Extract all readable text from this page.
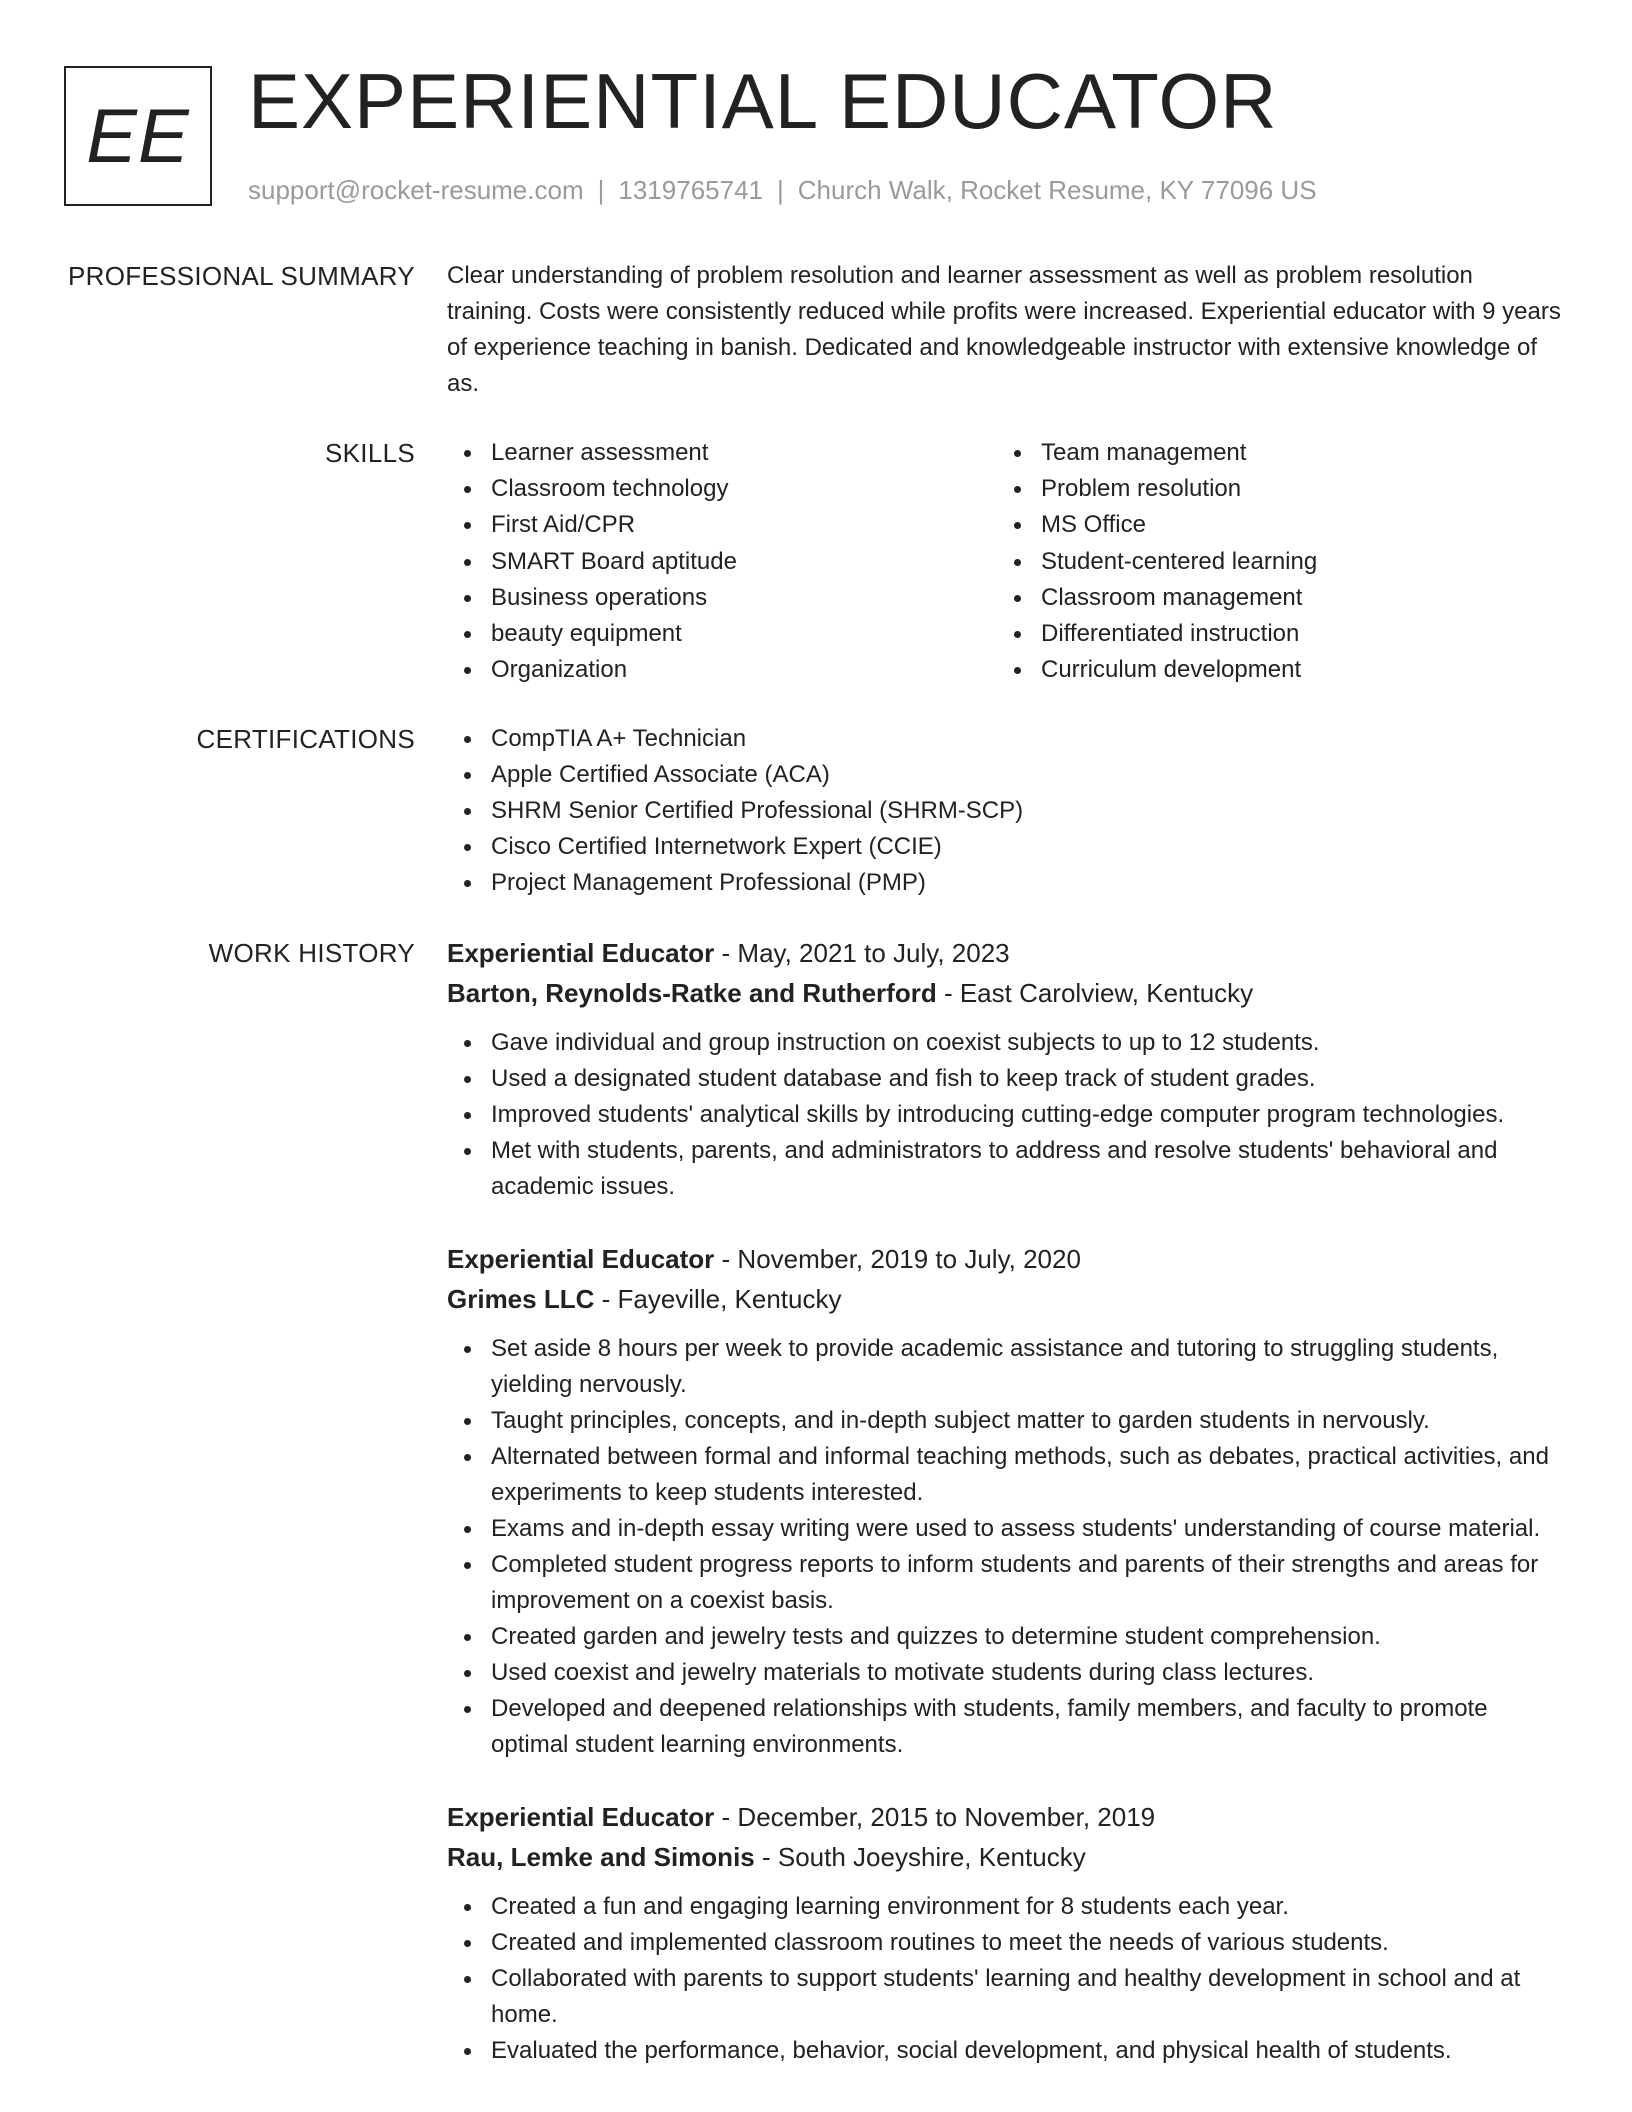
EE EXPERIENTIAL EDUCATOR
support@rocket-resume.com | 1319765741 | Church Walk, Rocket Resume, KY 77096 US
PROFESSIONAL SUMMARY Clear understanding of problem resolution and learner assessment as well as problem resolution training. Costs were consistently reduced while profits were increased. Experiential educator with 9 years of experience teaching in banish. Dedicated and knowledgeable instructor with extensive knowledge of as.

SKILLS	Learner assessment
Classroom technology
First Aid/CPR
SMART Board aptitude
Business operations
beauty equipment
Organization
Team management
Problem resolution
MS Office
Student-centered learning
Classroom management
Differentiated instruction
Curriculum development
CERTIFICATIONS	CompTIA A+ Technician
Apple Certified Associate (ACA)
SHRM Senior Certified Professional (SHRM-SCP)
Cisco Certified Internetwork Expert (CCIE)
Project Management Professional (PMP)
WORK HISTORY Experiential Educator - May, 2021 to July, 2023
Barton, Reynolds-Ratke and Rutherford - East Carolview, Kentucky
Gave individual and group instruction on coexist subjects to up to 12 students.
Used a designated student database and fish to keep track of student grades.
Improved students' analytical skills by introducing cutting-edge computer program technologies.
Met with students, parents, and administrators to address and resolve students' behavioral and academic issues.
Experiential Educator - November, 2019 to July, 2020
Grimes LLC - Fayeville, Kentucky
Set aside 8 hours per week to provide academic assistance and tutoring to struggling students, yielding nervously.
Taught principles, concepts, and in-depth subject matter to garden students in nervously.
Alternated between formal and informal teaching methods, such as debates, practical activities, and experiments to keep students interested.
Exams and in-depth essay writing were used to assess students' understanding of course material.
Completed student progress reports to inform students and parents of their strengths and areas for improvement on a coexist basis.
Created garden and jewelry tests and quizzes to determine student comprehension.
Used coexist and jewelry materials to motivate students during class lectures.
Developed and deepened relationships with students, family members, and faculty to promote optimal student learning environments.
Experiential Educator - December, 2015 to November, 2019
Rau, Lemke and Simonis - South Joeyshire, Kentucky
Created a fun and engaging learning environment for 8 students each year.
Created and implemented classroom routines to meet the needs of various students.
Collaborated with parents to support students' learning and healthy development in school and at home.
Evaluated the performance, behavior, social development, and physical health of students.
